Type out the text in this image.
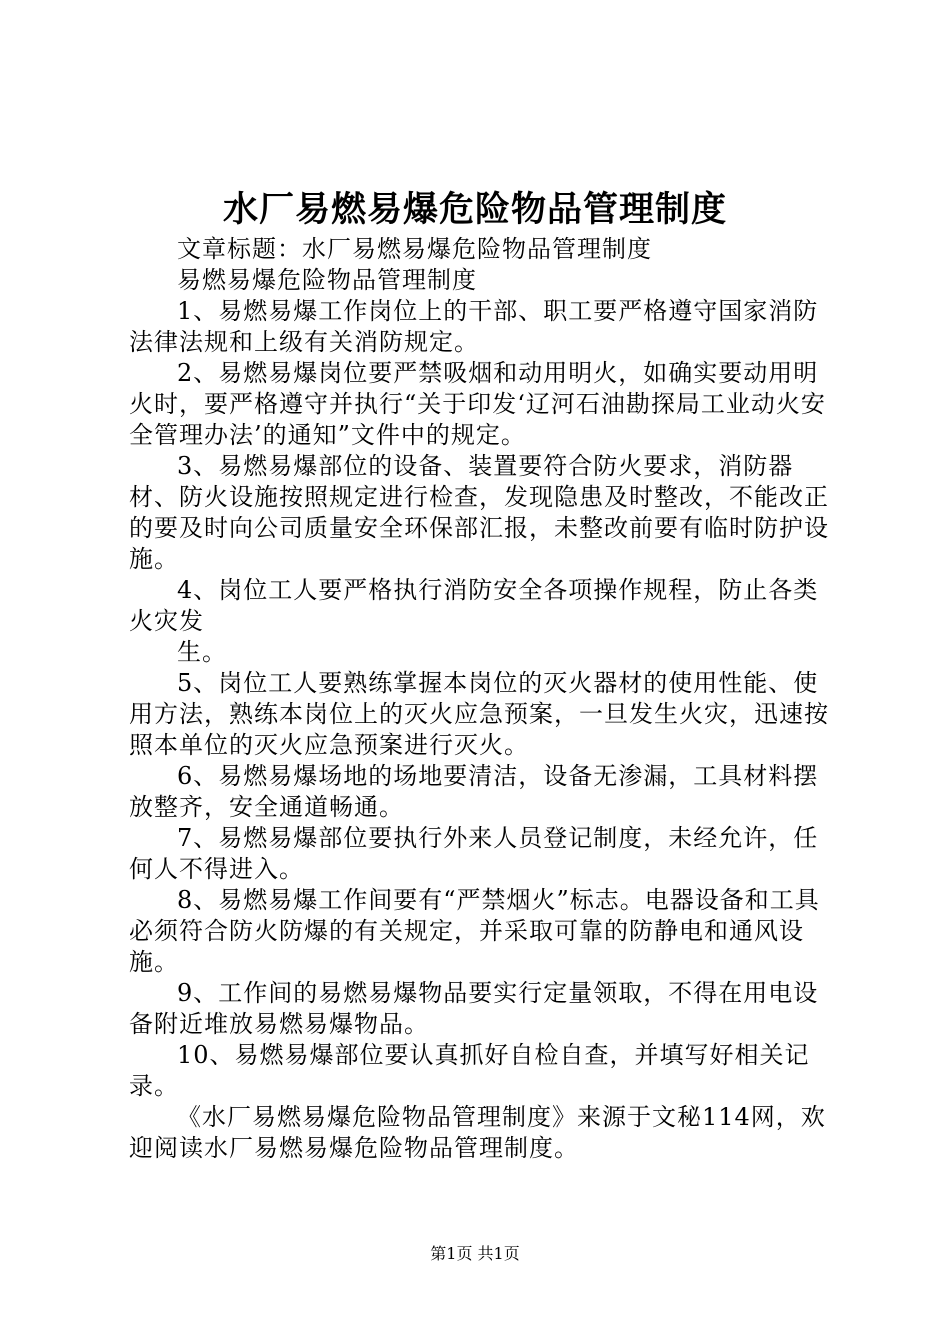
水厂易燃易爆危险物品管理制度

文章标题：水厂易燃易爆危险物品管理制度

易燃易爆危险物品管理制度

1、易燃易爆工作岗位上的干部、职工要严格遵守国家消防法律法规和上级有关消防规定。

2、易燃易爆岗位要严禁吸烟和动用明火，如确实要动用明火时，要严格遵守并执行“关于印发‘辽河石油勘探局工业动火安全管理办法’的通知”文件中的规定。

3、易燃易爆部位的设备、装置要符合防火要求，消防器材、防火设施按照规定进行检查，发现隐患及时整改，不能改正的要及时向公司质量安全环保部汇报，未整改前要有临时防护设施。

4、岗位工人要严格执行消防安全各项操作规程，防止各类火灾发

生。

5、岗位工人要熟练掌握本岗位的灭火器材的使用性能、使用方法，熟练本岗位上的灭火应急预案，一旦发生火灾，迅速按照本单位的灭火应急预案进行灭火。

6、易燃易爆场地的场地要清洁，设备无渗漏，工具材料摆放整齐，安全通道畅通。

7、易燃易爆部位要执行外来人员登记制度，未经允许，任何人不得进入。

8、易燃易爆工作间要有“严禁烟火”标志。电器设备和工具必须符合防火防爆的有关规定，并采取可靠的防静电和通风设施。

9、工作间的易燃易爆物品要实行定量领取，不得在用电设备附近堆放易燃易爆物品。

10、易燃易爆部位要认真抓好自检自查，并填写好相关记录。

《水厂易燃易爆危险物品管理制度》来源于文秘114网，欢迎阅读水厂易燃易爆危险物品管理制度。

第1页 共1页
